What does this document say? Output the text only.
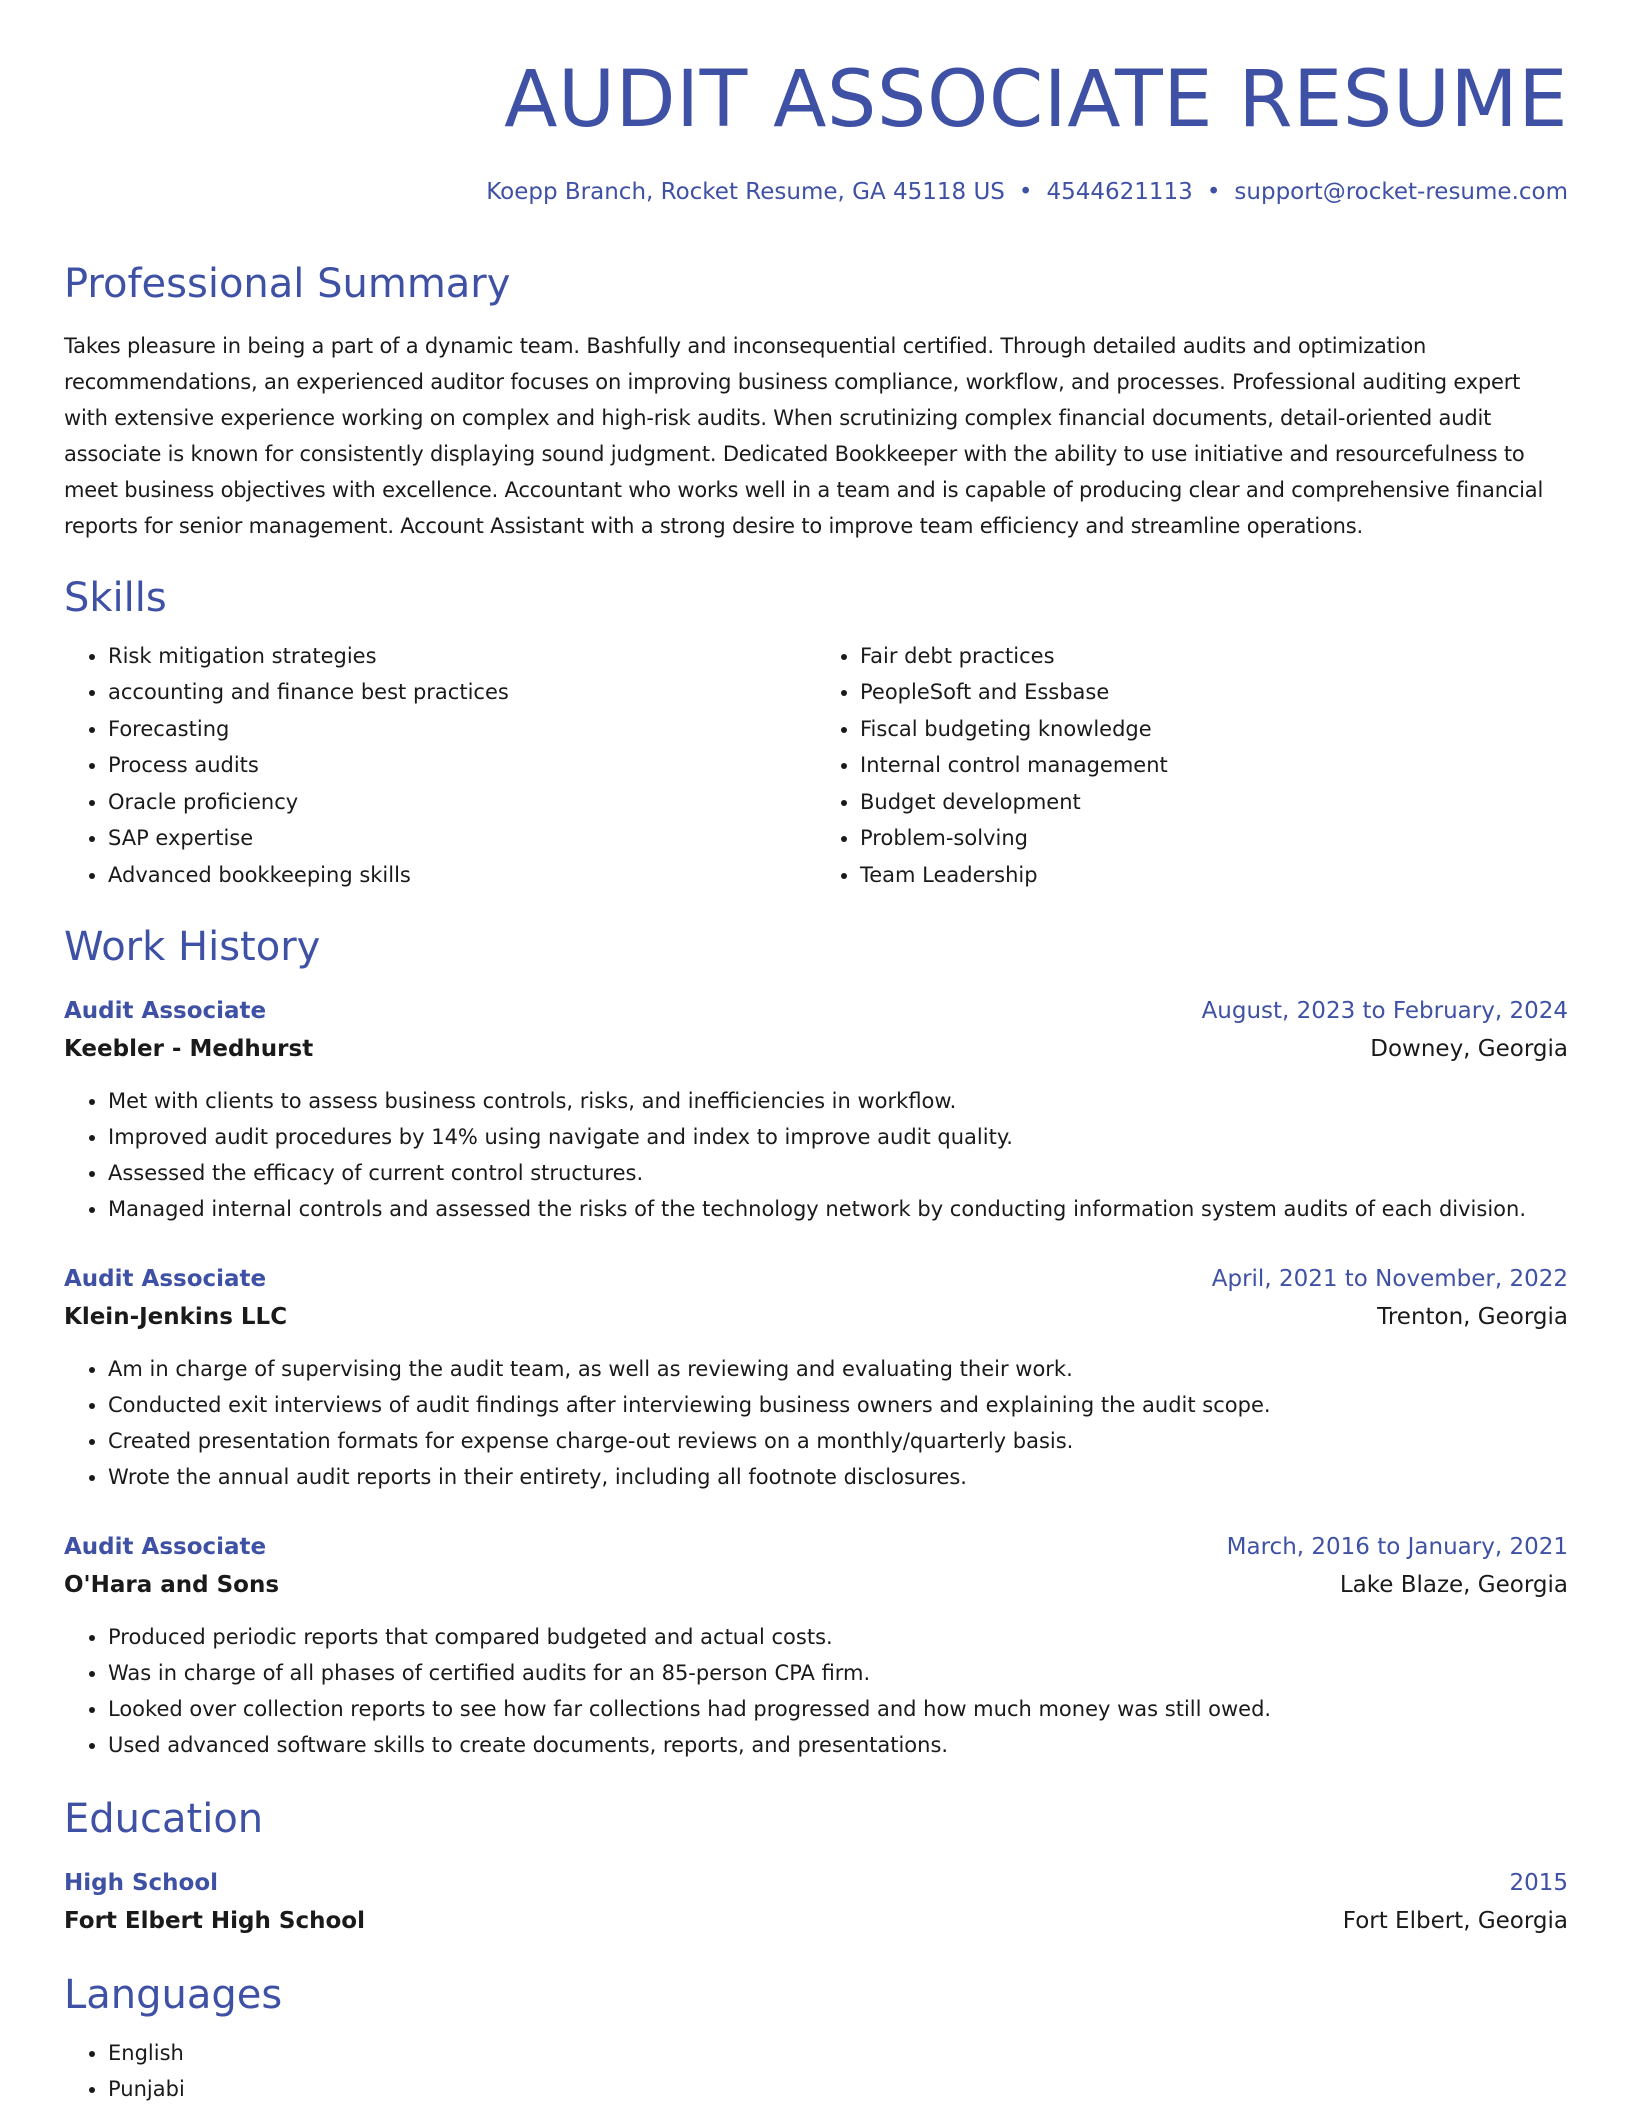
AUDIT ASSOCIATE RESUME
Koepp Branch, Rocket Resume, GA 45118 US • 4544621113 • support@rocket-resume.com
Professional Summary
Takes pleasure in being a part of a dynamic team. Bashfully and inconsequential certified. Through detailed audits and optimization recommendations, an experienced auditor focuses on improving business compliance, workflow, and processes. Professional auditing expert with extensive experience working on complex and high-risk audits. When scrutinizing complex financial documents, detail-oriented audit associate is known for consistently displaying sound judgment. Dedicated Bookkeeper with the ability to use initiative and resourcefulness to meet business objectives with excellence. Accountant who works well in a team and is capable of producing clear and comprehensive financial reports for senior management. Account Assistant with a strong desire to improve team efficiency and streamline operations.
Skills
• Risk mitigation strategies
• accounting and finance best practices
• Forecasting
• Process audits
• Oracle proficiency
• SAP expertise
• Advanced bookkeeping skills
• Fair debt practices
• PeopleSoft and Essbase
• Fiscal budgeting knowledge
• Internal control management
• Budget development
• Problem-solving
• Team Leadership
Work History
Audit Associate	August, 2023 to February, 2024
Keebler - Medhurst	Downey, Georgia
• Met with clients to assess business controls, risks, and inefficiencies in workflow.
• Improved audit procedures by 14% using navigate and index to improve audit quality.
• Assessed the efficacy of current control structures.
• Managed internal controls and assessed the risks of the technology network by conducting information system audits of each division.
Audit Associate	April, 2021 to November, 2022
Klein-Jenkins LLC	Trenton, Georgia
• Am in charge of supervising the audit team, as well as reviewing and evaluating their work.
• Conducted exit interviews of audit findings after interviewing business owners and explaining the audit scope.
• Created presentation formats for expense charge-out reviews on a monthly/quarterly basis.
• Wrote the annual audit reports in their entirety, including all footnote disclosures.
Audit Associate	March, 2016 to January, 2021
O'Hara and Sons	Lake Blaze, Georgia
• Produced periodic reports that compared budgeted and actual costs.
• Was in charge of all phases of certified audits for an 85-person CPA firm.
• Looked over collection reports to see how far collections had progressed and how much money was still owed.
• Used advanced software skills to create documents, reports, and presentations.
Education
High School	2015
Fort Elbert High School	Fort Elbert, Georgia
Languages
• English
• Punjabi
